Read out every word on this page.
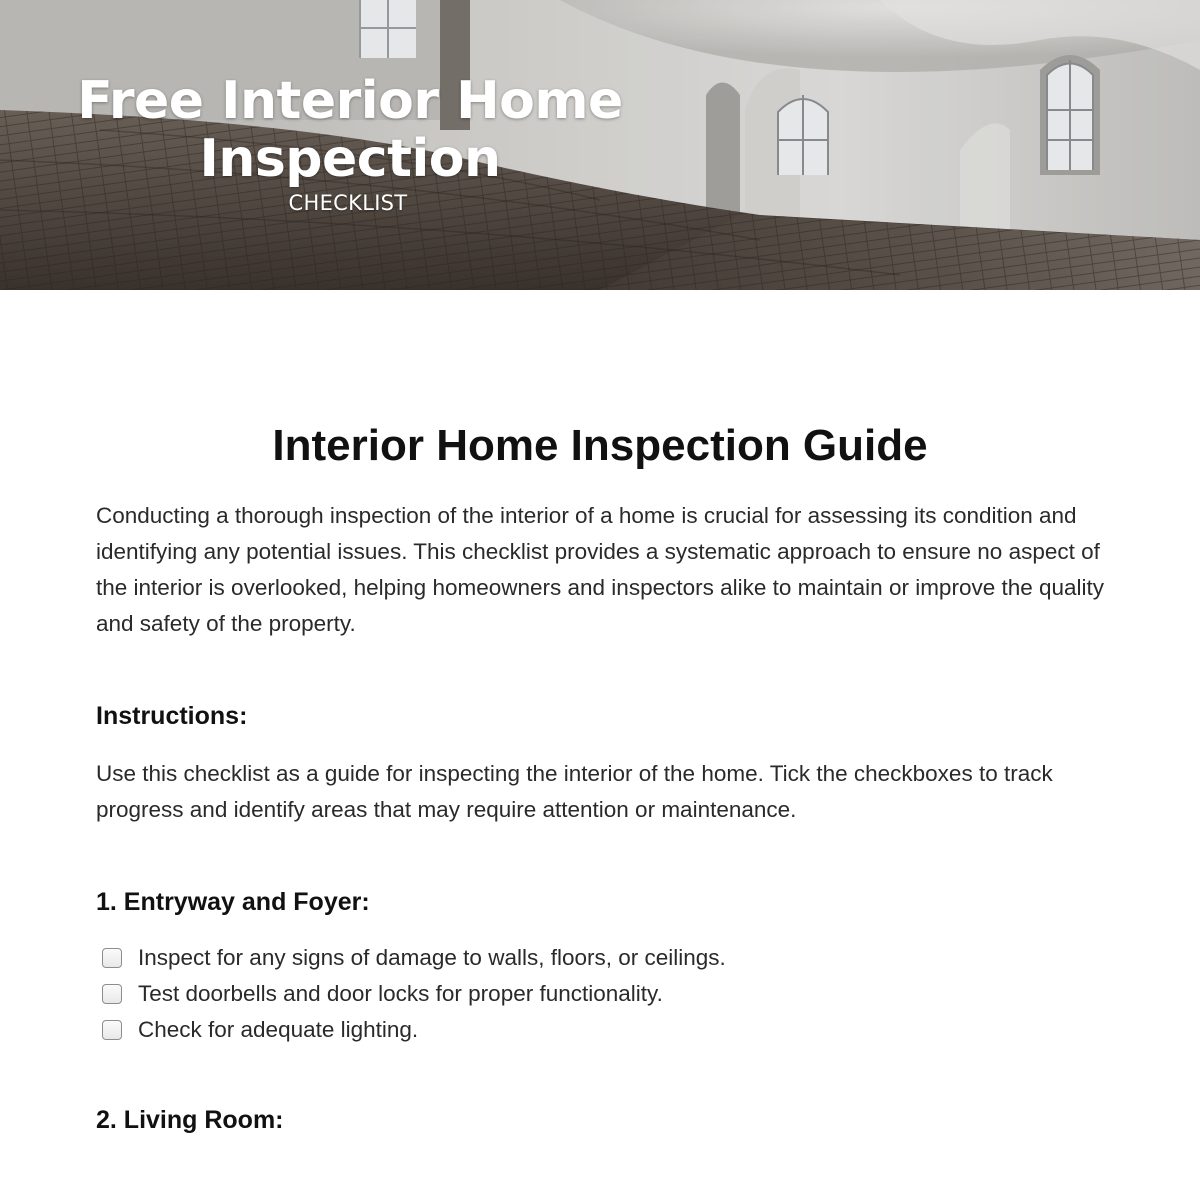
Free Interior Home Inspection
CHECKLIST
Interior Home Inspection Guide

Conducting a thorough inspection of the interior of a home is crucial for assessing its condition and identifying any potential issues. This checklist provides a systematic approach to ensure no aspect of the interior is overlooked, helping homeowners and inspectors alike to maintain or improve the quality and safety of the property.

Instructions:

Use this checklist as a guide for inspecting the interior of the home. Tick the checkboxes to track progress and identify areas that may require attention or maintenance.

1. Entryway and Foyer:
Inspect for any signs of damage to walls, floors, or ceilings.
Test doorbells and door locks for proper functionality.
Check for adequate lighting.
2. Living Room:
